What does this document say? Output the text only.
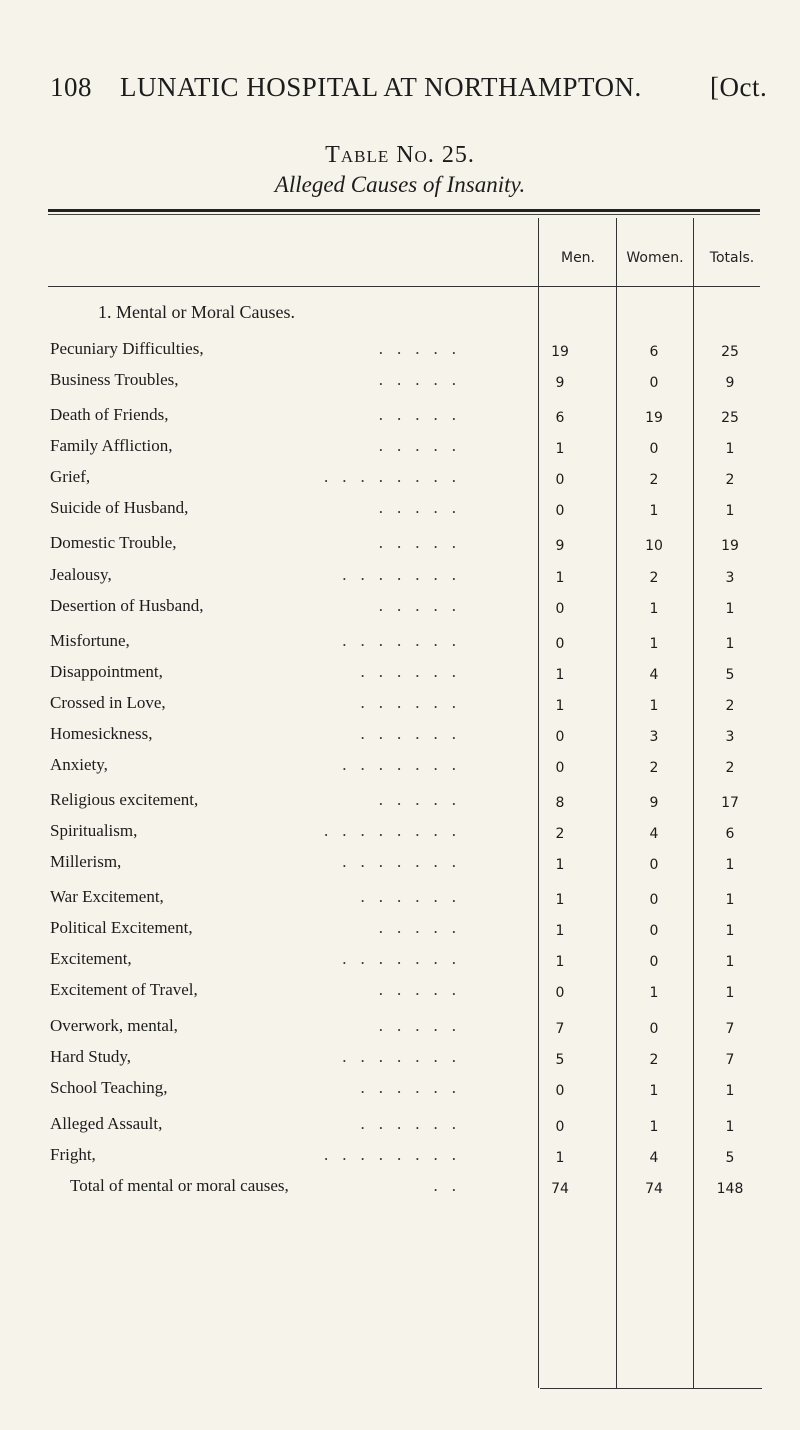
108 LUNATIC HOSPITAL AT NORTHAMPTON.	[Oct.
Table No. 25.
Alleged Causes of Insanity.
Men.	Women.	Totals.
1. Mental or Moral Causes.
Pecuniary Difficulties,	.....	19	6	25
Business Troubles,	.....	9	0	9
Death of Friends,	.....	6	19	25
Family Affliction,	.....	1	0	1
Grief,	........	0	2	2
Suicide of Husband,	.....	0	1	1
Domestic Trouble,	.....	9	10	19
Jealousy,	.......	1	2	3
Desertion of Husband,	.....	0	1	1
Misfortune,	.......	0	1	1
Disappointment,	......	1	4	5
Crossed in Love,	......	1	1	2
Homesickness,	......	0	3	3
Anxiety,	.......	0	2	2
Religious excitement,	.....	8	9	17
Spiritualism,	........	2	4	6
Millerism,	.......	1	0	1
War Excitement,	......	1	0	1
Political Excitement,	.....	1	0	1
Excitement,	.......	1	0	1
Excitement of Travel,	.....	0	1	1
Overwork, mental,	.....	7	0	7
Hard Study,	.......	5	2	7
School Teaching,	......	0	1	1
Alleged Assault,	......	0	1	1
Fright,	........	1	4	5
Total of mental or moral causes,	..	74	74	148
